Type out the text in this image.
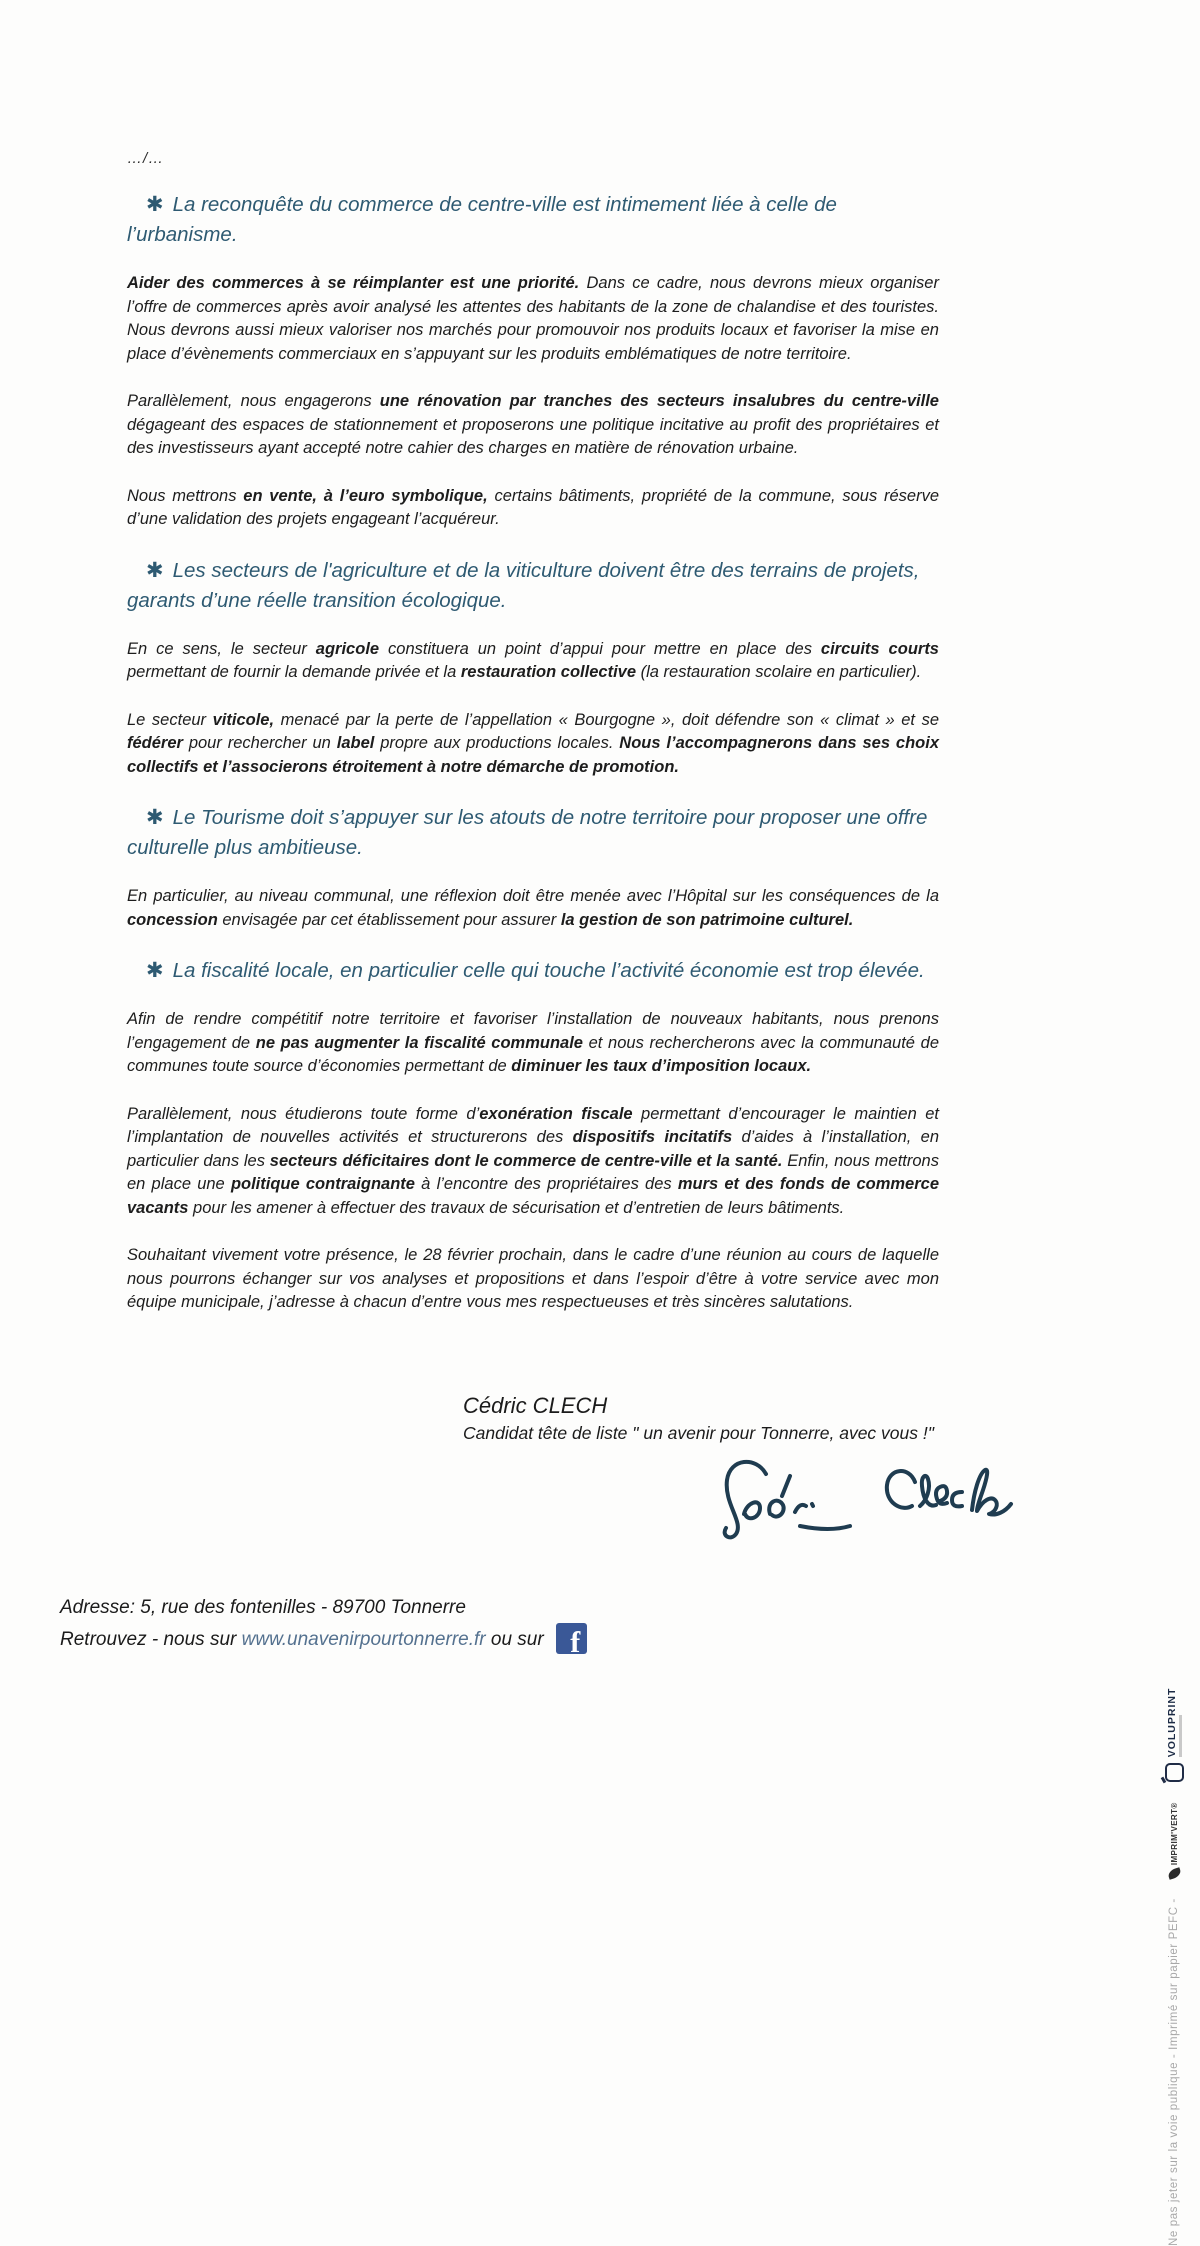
…/…
✱ La reconquête du commerce de centre-ville est intimement liée à celle de l’urbanisme.

Aider des commerces à se réimplanter est une priorité. Dans ce cadre, nous devrons mieux organiser l’offre de commerces après avoir analysé les attentes des habitants de la zone de chalandise et des touristes. Nous devrons aussi mieux valoriser nos marchés pour promouvoir nos produits locaux et favoriser la mise en place d’évènements commerciaux en s’appuyant sur les produits emblématiques de notre territoire.

Parallèlement, nous engagerons une rénovation par tranches des secteurs insalubres du centre-ville dégageant des espaces de stationnement et proposerons une politique incitative au profit des propriétaires et des investisseurs ayant accepté notre cahier des charges en matière de rénovation urbaine.

Nous mettrons en vente, à l’euro symbolique, certains bâtiments, propriété de la commune, sous réserve d’une validation des projets engageant l’acquéreur.

✱ Les secteurs de l'agriculture et de la viticulture doivent être des terrains de projets, garants d’une réelle transition écologique.

En ce sens, le secteur agricole constituera un point d’appui pour mettre en place des circuits courts permettant de fournir la demande privée et la restauration collective (la restauration scolaire en particulier).

Le secteur viticole, menacé par la perte de l’appellation « Bourgogne », doit défendre son « climat » et se fédérer pour rechercher un label propre aux productions locales. Nous l’accompagnerons dans ses choix collectifs et l’associerons étroitement à notre démarche de promotion.

✱ Le Tourisme doit s’appuyer sur les atouts de notre territoire pour proposer une offre culturelle plus ambitieuse.

En particulier, au niveau communal, une réflexion doit être menée avec l’Hôpital sur les conséquences de la concession envisagée par cet établissement pour assurer la gestion de son patrimoine culturel.

✱ La fiscalité locale, en particulier celle qui touche l’activité économie est trop élevée.

Afin de rendre compétitif notre territoire et favoriser l’installation de nouveaux habitants, nous prenons l’engagement de ne pas augmenter la fiscalité communale et nous rechercherons avec la communauté de communes toute source d’économies permettant de diminuer les taux d’imposition locaux.

Parallèlement, nous étudierons toute forme d’exonération fiscale permettant d’encourager le maintien et l’implantation de nouvelles activités et structurerons des dispositifs incitatifs d’aides à l’installation, en particulier dans les secteurs déficitaires dont le commerce de centre-ville et la santé. Enfin, nous mettrons en place une politique contraignante à l’encontre des propriétaires des murs et des fonds de commerce vacants pour les amener à effectuer des travaux de sécurisation et d’entretien de leurs bâtiments.

Souhaitant vivement votre présence, le 28 février prochain, dans le cadre d’une réunion au cours de laquelle nous pourrons échanger sur vos analyses et propositions et dans l’espoir d’être à votre service avec mon équipe municipale, j’adresse à chacun d’entre vous mes respectueuses et très sincères salutations.

Cédric CLECH
Candidat tête de liste " un avenir pour Tonnerre, avec vous !"
Adresse: 5, rue des fontenilles - 89700 Tonnerre
Retrouvez - nous sur www.unavenirpourtonnerre.fr ou sur f
Ne pas jeter sur la voie publique - Imprimé sur papier PEFC -
IMPRIM'VERT®
VOLUPRINT
